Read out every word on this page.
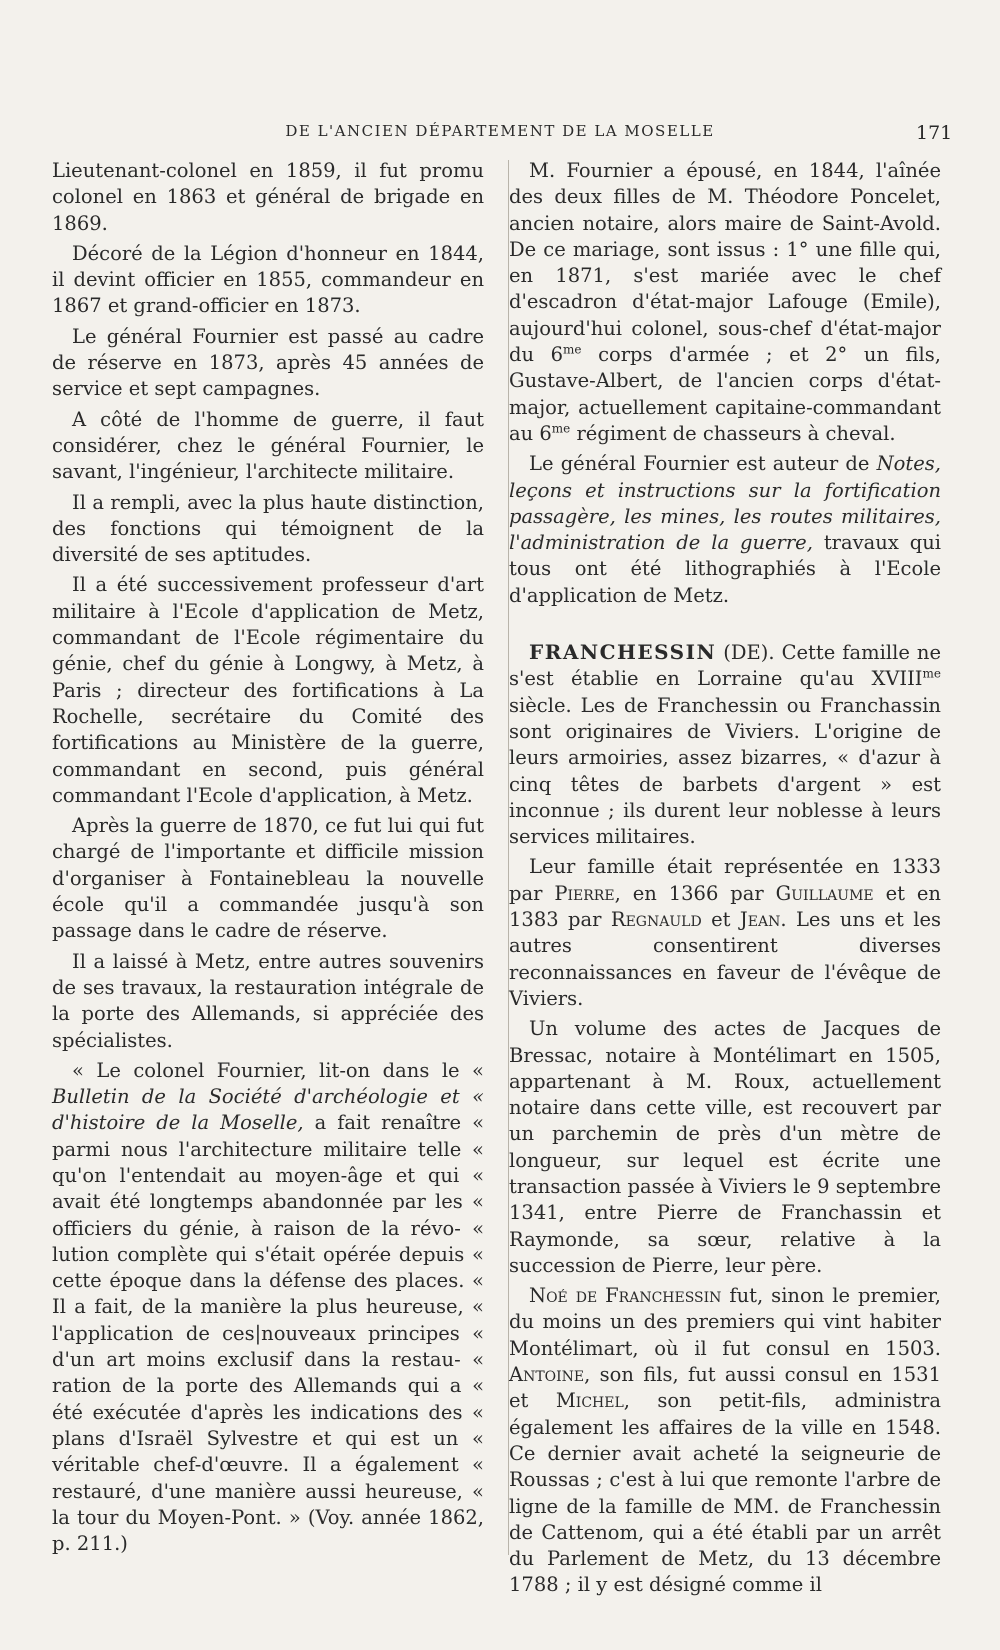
DE L'ANCIEN DÉPARTEMENT DE LA MOSELLE	171

Lieutenant-colonel en 1859, il fut promu colonel en 1863 et général de brigade en 1869.

Décoré de la Légion d'honneur en 1844, il devint officier en 1855, commandeur en 1867 et grand-officier en 1873.

Le général Fournier est passé au cadre de réserve en 1873, après 45 années de service et sept campagnes.

A côté de l'homme de guerre, il faut considérer, chez le général Fournier, le savant, l'ingénieur, l'architecte militaire.

Il a rempli, avec la plus haute distinction, des fonctions qui témoignent de la diversité de ses aptitudes.

Il a été successivement professeur d'art militaire à l'Ecole d'application de Metz, commandant de l'Ecole régimentaire du génie, chef du génie à Longwy, à Metz, à Paris ; directeur des fortifications à La Rochelle, secrétaire du Comité des fortifications au Ministère de la guerre, commandant en second, puis général commandant l'Ecole d'application, à Metz.

Après la guerre de 1870, ce fut lui qui fut chargé de l'importante et difficile mission d'organiser à Fontainebleau la nouvelle école qu'il a commandée jusqu'à son passage dans le cadre de réserve.

Il a laissé à Metz, entre autres souvenirs de ses travaux, la restauration intégrale de la porte des Allemands, si appréciée des spécialistes.

« Le colonel Fournier, lit-on dans le « Bulletin de la Société d'archéologie et « d'histoire de la Moselle, a fait renaître « parmi nous l'architecture militaire telle « qu'on l'entendait au moyen-âge et qui « avait été longtemps abandonnée par les « officiers du génie, à raison de la révo- « lution complète qui s'était opérée depuis « cette époque dans la défense des places. « Il a fait, de la manière la plus heureuse, « l'application de ces|nouveaux principes « d'un art moins exclusif dans la restau- « ration de la porte des Allemands qui a « été exécutée d'après les indications des « plans d'Israël Sylvestre et qui est un « véritable chef-d'œuvre. Il a également « restauré, d'une manière aussi heureuse, « la tour du Moyen-Pont. » (Voy. année 1862, p. 211.)

M. Fournier a épousé, en 1844, l'aînée des deux filles de M. Théodore Poncelet, ancien notaire, alors maire de Saint-Avold. De ce mariage, sont issus : 1° une fille qui, en 1871, s'est mariée avec le chef d'escadron d'état-major Lafouge (Emile), aujourd'hui colonel, sous-chef d'état-major du $6^{me}$ corps d'armée ; et 2° un fils, Gustave-Albert, de l'ancien corps d'état-major, actuellement capitaine-commandant au $6^{me}$ régiment de chasseurs à cheval.

Le général Fournier est auteur de Notes, leçons et instructions sur la fortification passagère, les mines, les routes militaires, l'administration de la guerre, travaux qui tous ont été lithographiés à l'Ecole d'application de Metz.

FRANCHESSIN (DE). Cette famille ne s'est établie en Lorraine qu'au $XVIII^{me}$ siècle. Les de Franchessin ou Franchassin sont originaires de Viviers. L'origine de leurs armoiries, assez bizarres, « d'azur à cinq têtes de barbets d'argent » est inconnue ; ils durent leur noblesse à leurs services militaires.

Leur famille était représentée en 1333 par Pierre, en 1366 par Guillaume et en 1383 par Regnauld et Jean. Les uns et les autres consentirent diverses reconnaissances en faveur de l'évêque de Viviers.

Un volume des actes de Jacques de Bressac, notaire à Montélimart en 1505, appartenant à M. Roux, actuellement notaire dans cette ville, est recouvert par un parchemin de près d'un mètre de longueur, sur lequel est écrite une transaction passée à Viviers le 9 septembre 1341, entre Pierre de Franchassin et Raymonde, sa sœur, relative à la succession de Pierre, leur père.

Noé de Franchessin fut, sinon le premier, du moins un des premiers qui vint habiter Montélimart, où il fut consul en 1503. Antoine, son fils, fut aussi consul en 1531 et Michel, son petit-fils, administra également les affaires de la ville en 1548. Ce dernier avait acheté la seigneurie de Roussas ; c'est à lui que remonte l'arbre de ligne de la famille de MM. de Franchessin de Cattenom, qui a été établi par un arrêt du Parlement de Metz, du 13 décembre 1788 ; il y est désigné comme il
